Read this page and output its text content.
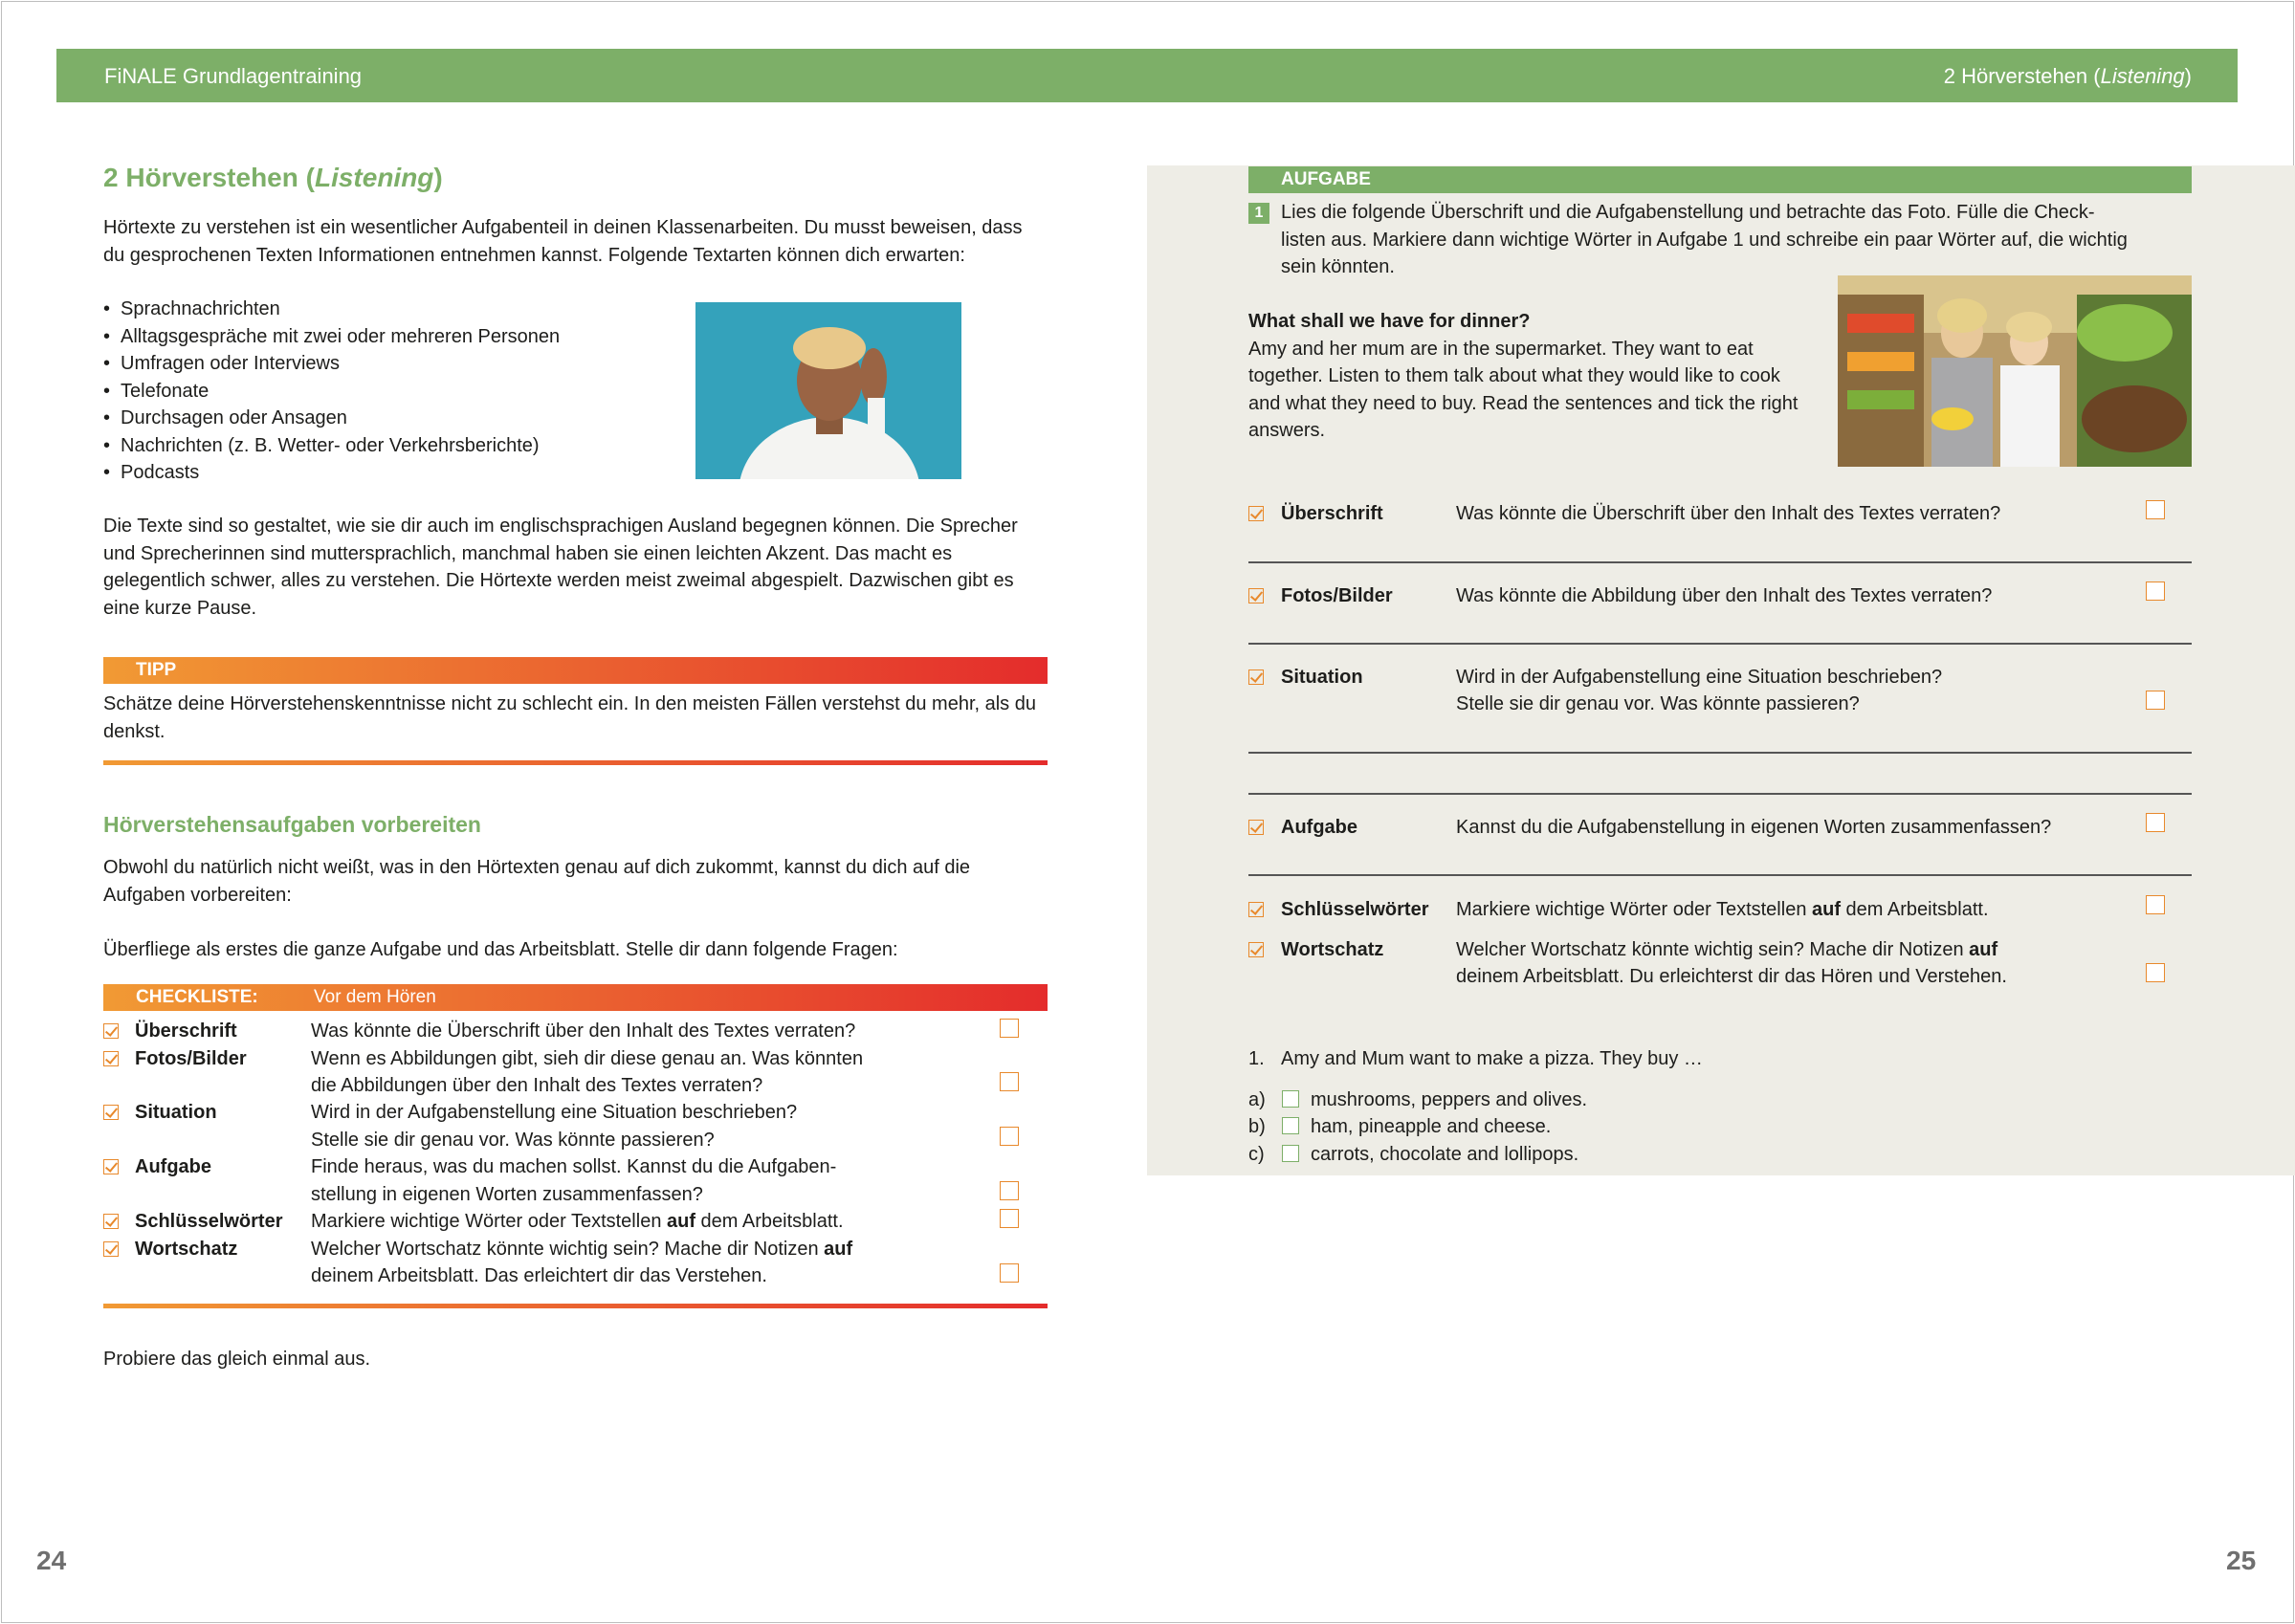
FiNALE Grundlagentraining	2 Hörverstehen (Listening)
2 Hörverstehen (Listening)

Hörtexte zu verstehen ist ein wesentlicher Aufgabenteil in deinen Klassenarbeiten. Du musst beweisen, dass du gesprochenen Texten Informationen entnehmen kannst. Folgende Textarten können dich erwarten:

• Sprachnachrichten
• Alltagsgespräche mit zwei oder mehreren Personen
• Umfragen oder Interviews
• Telefonate
• Durchsagen oder Ansagen
• Nachrichten (z. B. Wetter- oder Verkehrsberichte)
• Podcasts

Die Texte sind so gestaltet, wie sie dir auch im englischsprachigen Ausland begegnen können. Die Sprecher und Sprecherinnen sind muttersprachlich, manchmal haben sie einen leichten Akzent. Das macht es gelegentlich schwer, alles zu verstehen. Die Hörtexte werden meist zweimal abgespielt. Dazwischen gibt es eine kurze Pause.

TIPP

Schätze deine Hörverstehenskenntnisse nicht zu schlecht ein. In den meisten Fällen verstehst du mehr, als du denkst.

Hörverstehensaufgaben vorbereiten

Obwohl du natürlich nicht weißt, was in den Hörtexten genau auf dich zukommt, kannst du dich auf die Aufgaben vorbereiten:

Überfliege als erstes die ganze Aufgabe und das Arbeitsblatt. Stelle dir dann folgende Fragen:

CHECKLISTE:	Vor dem Hören
Überschrift	Was könnte die Überschrift über den Inhalt des Textes verraten?
Fotos/Bilder	Wenn es Abbildungen gibt, sieh dir diese genau an. Was könnten
die Abbildungen über den Inhalt des Textes verraten?
Situation	Wird in der Aufgabenstellung eine Situation beschrieben?
Stelle sie dir genau vor. Was könnte passieren?
Aufgabe	Finde heraus, was du machen sollst. Kannst du die Aufgaben-
stellung in eigenen Worten zusammenfassen?
Schlüsselwörter Markiere wichtige Wörter oder Textstellen auf dem Arbeitsblatt.
Wortschatz	Welcher Wortschatz könnte wichtig sein? Mache dir Notizen auf
deinem Arbeitsblatt. Das erleichtert dir das Verstehen.

Probiere das gleich einmal aus.

24
AUFGABE
1 Lies die folgende Überschrift und die Aufgabenstellung und betrachte das Foto. Fülle die Check-
listen aus. Markiere dann wichtige Wörter in Aufgabe 1 und schreibe ein paar Wörter auf, die wichtig
sein könnten.
What shall we have for dinner?
Amy and her mum are in the supermarket. They want to eat
together. Listen to them talk about what they would like to cook
and what they need to buy. Read the sentences and tick the right
answers.
Überschrift	Was könnte die Überschrift über den Inhalt des Textes verraten?
Fotos/Bilder	Was könnte die Abbildung über den Inhalt des Textes verraten?
Situation	Wird in der Aufgabenstellung eine Situation beschrieben?
Stelle sie dir genau vor. Was könnte passieren?
Aufgabe	Kannst du die Aufgabenstellung in eigenen Worten zusammenfassen?
Schlüsselwörter Markiere wichtige Wörter oder Textstellen auf dem Arbeitsblatt.
Wortschatz	Welcher Wortschatz könnte wichtig sein? Mache dir Notizen auf
deinem Arbeitsblatt. Du erleichterst dir das Hören und Verstehen.
1. Amy and Mum want to make a pizza. They buy …
a) mushrooms, peppers and olives.
b) ham, pineapple and cheese.
c) carrots, chocolate and lollipops.
25
